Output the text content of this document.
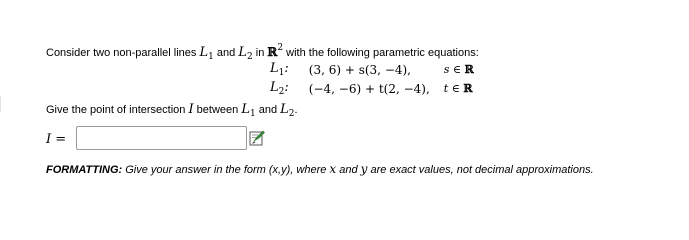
Consider two non-parallel lines $L_1$ and $L_2$ in ℝ$^2$ with the following parametric equations:
$L_1$:	(3, 6) + s(3, −4),	s ∈ ℝ
$L_2$:	(−4, −6) + t(2, −4),	t ∈ ℝ
Give the point of intersection I between $L_1$ and $L_2$.
I =
FORMATTING: Give your answer in the form (x,y), where x and y are exact values, not decimal approximations.
